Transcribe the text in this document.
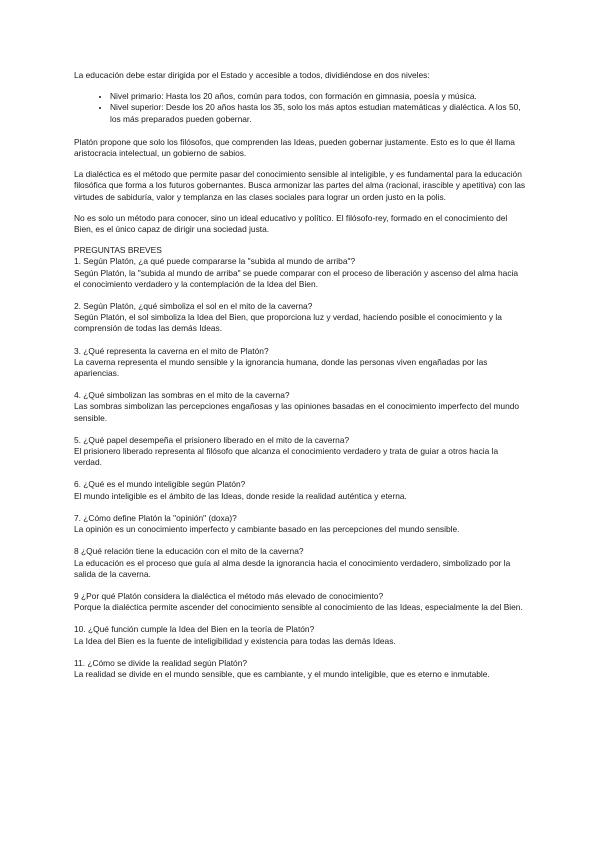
La educación debe estar dirigida por el Estado y accesible a todos, dividiéndose en dos niveles:

• Nivel primario: Hasta los 20 años, común para todos, con formación en gimnasia, poesía y música.
• Nivel superior: Desde los 20 años hasta los 35, solo los más aptos estudian matemáticas y dialéctica. A los 50, los más preparados pueden gobernar.

Platón propone que solo los filósofos, que comprenden las Ideas, pueden gobernar justamente. Esto es lo que él llama aristocracia intelectual, un gobierno de sabios.

La dialéctica es el método que permite pasar del conocimiento sensible al inteligible, y es fundamental para la educación filosófica que forma a los futuros gobernantes. Busca armonizar las partes del alma (racional, irascible y apetitiva) con las virtudes de sabiduría, valor y templanza en las clases sociales para lograr un orden justo en la polis.

No es solo un método para conocer, sino un ideal educativo y político. El filósofo-rey, formado en el conocimiento del Bien, es el único capaz de dirigir una sociedad justa.

PREGUNTAS BREVES
1. Según Platón, ¿a qué puede compararse la "subida al mundo de arriba"?
Según Platón, la "subida al mundo de arriba" se puede comparar con el proceso de liberación y ascenso del alma hacia el conocimiento verdadero y la contemplación de la Idea del Bien.
2. Según Platón, ¿qué simboliza el sol en el mito de la caverna?
Según Platón, el sol simboliza la Idea del Bien, que proporciona luz y verdad, haciendo posible el conocimiento y la comprensión de todas las demás Ideas.
3. ¿Qué representa la caverna en el mito de Platón?
La caverna representa el mundo sensible y la ignorancia humana, donde las personas viven engañadas por las apariencias.
4. ¿Qué simbolizan las sombras en el mito de la caverna?
Las sombras simbolizan las percepciones engañosas y las opiniones basadas en el conocimiento imperfecto del mundo sensible.
5. ¿Qué papel desempeña el prisionero liberado en el mito de la caverna?
El prisionero liberado representa al filósofo que alcanza el conocimiento verdadero y trata de guiar a otros hacia la verdad.
6. ¿Qué es el mundo inteligible según Platón?
El mundo inteligible es el ámbito de las Ideas, donde reside la realidad auténtica y eterna.
7. ¿Cómo define Platón la "opinión" (doxa)?
La opinión es un conocimiento imperfecto y cambiante basado en las percepciones del mundo sensible.
8 ¿Qué relación tiene la educación con el mito de la caverna?
La educación es el proceso que guía al alma desde la ignorancia hacia el conocimiento verdadero, simbolizado por la salida de la caverna.
9 ¿Por qué Platón considera la dialéctica el método más elevado de conocimiento?
Porque la dialéctica permite ascender del conocimiento sensible al conocimiento de las Ideas, especialmente la del Bien.
10. ¿Qué función cumple la Idea del Bien en la teoría de Platón?
La Idea del Bien es la fuente de inteligibilidad y existencia para todas las demás Ideas.
11. ¿Cómo se divide la realidad según Platón?
La realidad se divide en el mundo sensible, que es cambiante, y el mundo inteligible, que es eterno e inmutable.
